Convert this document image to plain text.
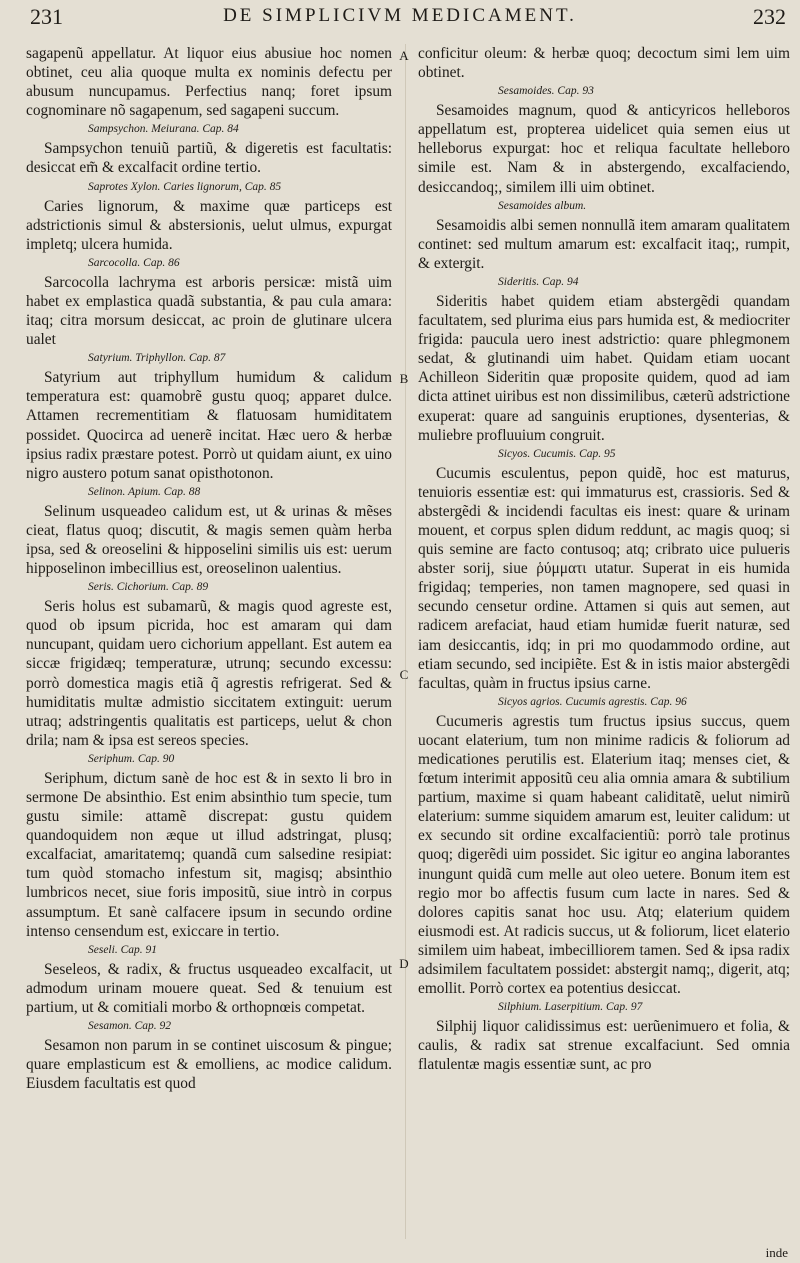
231	DE SIMPLICIVM MEDICAMENT.	232

sagapenũ appellatur. At liquor eius abusiue hoc nomen obtinet, ceu alia quoque multa ex nominis defectu per abusum nuncupamus. Perfectius nanq; foret ipsum cognominare nõ sagapenum, sed sagapeni succum.

Sampsychon. Meiurana. Cap. 84

Sampsychon tenuiũ partiũ, & digeretis est facultatis: desiccat em̃ & excalfacit ordine tertio.

Saprotes Xylon. Caries lignorum, Cap. 85

Caries lignorum, & maxime quæ particeps est adstrictionis simul & abstersionis, uelut ulmus, expurgat impletq; ulcera humida.

Sarcocolla. Cap. 86

Sarcocolla lachryma est arboris persicæ: mistã uim habet ex emplastica quadã substantia, & pau cula amara: itaq; citra morsum desiccat, ac proin de glutinare ulcera ualet

Satyrium. Triphyllon. Cap. 87

Satyrium aut triphyllum humidum & calidum temperatura est: quamobrẽ gustu quoq; apparet dulce. Attamen recrementitiam & flatuosam humiditatem possidet. Quocirca ad uenerẽ incitat. Hæc uero & herbæ ipsius radix præstare potest. Porrò ut quidam aiunt, ex uino nigro austero potum sanat opisthotonon.

Selinon. Apium. Cap. 88

Selinum usqueadeo calidum est, ut & urinas & mẽses cieat, flatus quoq; discutit, & magis semen quàm herba ipsa, sed & oreoselini & hipposelini similis uis est: uerum hipposelinon imbecillius est, oreoselinon ualentius.

Seris. Cichorium. Cap. 89

Seris holus est subamarũ, & magis quod agreste est, quod ob ipsum picrida, hoc est amaram qui dam nuncupant, quidam uero cichorium appellant. Est autem ea siccæ frigidæq; temperaturæ, utrunq; secundo excessu: porrò domestica magis etiã q̃ agrestis refrigerat. Sed & humiditatis multæ admistio siccitatem extinguit: uerum utraq; adstringentis qualitatis est particeps, uelut & chon drila; nam & ipsa est sereos species.

Seriphum. Cap. 90

Seriphum, dictum sanè de hoc est & in sexto li bro in sermone De absinthio. Est enim absinthio tum specie, tum gustu simile: attamẽ discrepat: gustu quidem quandoquidem non æque ut illud adstringat, plusq; excalfaciat, amaritatemq; quandã cum salsedine resipiat: tum quòd stomacho infestum sit, magisq; absinthio lumbricos necet, siue foris impositũ, siue intrò in corpus assumptum. Et sanè calfacere ipsum in secundo ordine intenso censendum est, exiccare in tertio.

Seseli. Cap. 91

Seseleos, & radix, & fructus usqueadeo excalfacit, ut admodum urinam mouere queat. Sed & tenuium est partium, ut & comitiali morbo & orthopnœis competat.

Sesamon. Cap. 92

Sesamon non parum in se continet uiscosum & pingue; quare emplasticum est & emolliens, ac modice calidum. Eiusdem facultatis est quod

conficitur oleum: & herbæ quoq; decoctum simi lem uim obtinet.

Sesamoides. Cap. 93

Sesamoides magnum, quod & anticyricos helleboros appellatum est, propterea uidelicet quia semen eius ut helleborus expurgat: hoc et reliqua facultate helleboro simile est. Nam & in abstergendo, excalfaciendo, desiccandoq;, similem illi uim obtinet.

Sesamoides album.

Sesamoidis albi semen nonnullã item amaram qualitatem continet: sed multum amarum est: excalfacit itaq;, rumpit, & extergit.

Sideritis. Cap. 94

Sideritis habet quidem etiam abstergẽdi quandam facultatem, sed plurima eius pars humida est, & mediocriter frigida: paucula uero inest adstrictio: quare phlegmonem sedat, & glutinandi uim habet. Quidam etiam uocant Achilleon Sideritin quæ proposite quidem, quod ad iam dicta attinet uiribus est non dissimilibus, cæterũ adstrictione exuperat: quare ad sanguinis eruptiones, dysenterias, & muliebre profluuium congruit.

Sicyos. Cucumis. Cap. 95

Cucumis esculentus, pepon quidẽ, hoc est maturus, tenuioris essentiæ est: qui immaturus est, crassioris. Sed & abstergẽdi & incidendi facultas eis inest: quare & urinam mouent, et corpus splen didum reddunt, ac magis quoq; si quis semine are facto contusoq; atq; cribrato uice pulueris abster sorij, siue ῥύμματι utatur. Superat in eis humida frigidaq; temperies, non tamen magnopere, sed quasi in secundo censetur ordine. Attamen si quis aut semen, aut radicem arefaciat, haud etiam humidæ fuerit naturæ, sed iam desiccantis, idq; in pri mo quodammodo ordine, aut etiam secundo, sed incipiẽte. Est & in istis maior abstergẽdi facultas, quàm in fructus ipsius carne.

Sicyos agrios. Cucumis agrestis. Cap. 96

Cucumeris agrestis tum fructus ipsius succus, quem uocant elaterium, tum non minime radicis & foliorum ad medicationes perutilis est. Elaterium itaq; menses ciet, & fœtum interimit appositũ ceu alia omnia amara & subtilium partium, maxime si quam habeant caliditatẽ, uelut nimirũ elaterium: summe siquidem amarum est, leuiter calidum: ut ex secundo sit ordine excalfacientiũ: porrò tale protinus quoq; digerẽdi uim possidet. Sic igitur eo angina laborantes inungunt quidã cum melle aut oleo uetere. Bonum item est regio mor bo affectis fusum cum lacte in nares. Sed & dolores capitis sanat hoc usu. Atq; elaterium quidem eiusmodi est. At radicis succus, ut & foliorum, licet elaterio similem uim habeat, imbecilliorem tamen. Sed & ipsa radix adsimilem facultatem possidet: abstergit namq;, digerit, atq; emollit. Porrò cortex ea potentius desiccat.

Silphium. Laserpitium. Cap. 97

Silphij liquor calidissimus est: uerũenimuero et folia, & caulis, & radix sat strenue excalfaciunt. Sed omnia flatulentæ magis essentiæ sunt, ac pro

A
B
C
D
inde
